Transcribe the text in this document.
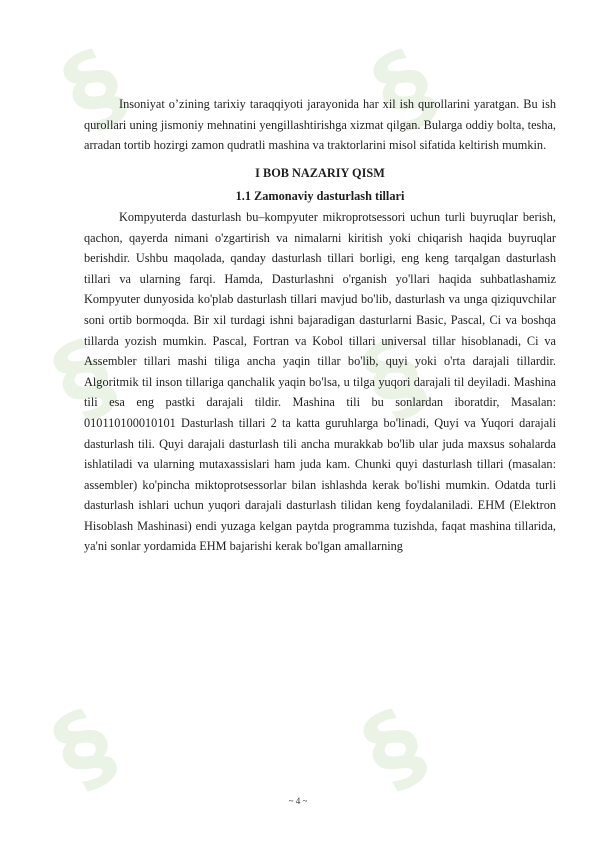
§ §
§ §
§ §

Insoniyat o’zining tarixiy taraqqiyoti jarayonida har xil ish qurollarini yaratgan. Bu ish qurollari uning jismoniy mehnatini yengillashtirishga xizmat qilgan. Bularga oddiy bolta, tesha, arradan tortib hozirgi zamon qudratli mashina va traktorlarini misol sifatida keltirish mumkin.

I BOB NAZARIY QISM
1.1 Zamonaviy dasturlash tillari

Kompyuterda dasturlash bu–kompyuter mikroprotsessori uchun turli buyruqlar berish, qachon, qayerda nimani o'zgartirish va nimalarni kiritish yoki chiqarish haqida buyruqlar berishdir. Ushbu maqolada, qanday dasturlash tillari borligi, eng keng tarqalgan dasturlash tillari va ularning farqi. Hamda, Dasturlashni o'rganish yo'llari haqida suhbatlashamiz Kompyuter dunyosida ko'plab dasturlash tillari mavjud bo'lib, dasturlash va unga qiziquvchilar soni ortib bormoqda. Bir xil turdagi ishni bajaradigan dasturlarni Basic, Pascal, Ci va boshqa tillarda yozish mumkin. Pascal, Fortran va Kobol tillari universal tillar hisoblanadi, Ci va Assembler tillari mashi tiliga ancha yaqin tillar bo'lib, quyi yoki o'rta darajali tillardir. Algoritmik til inson tillariga qanchalik yaqin bo'lsa, u tilga yuqori darajali til deyiladi. Mashina tili esa eng pastki darajali tildir. Mashina tili bu sonlardan iboratdir, Masalan: 010110100010101 Dasturlash tillari 2 ta katta guruhlarga bo'linadi, Quyi va Yuqori darajali dasturlash tili. Quyi darajali dasturlash tili ancha murakkab bo'lib ular juda maxsus sohalarda ishlatiladi va ularning mutaxassislari ham juda kam. Chunki quyi dasturlash tillari (masalan: assembler) ko'pincha miktoprotsessorlar bilan ishlashda kerak bo'lishi mumkin. Odatda turli dasturlash ishlari uchun yuqori darajali dasturlash tilidan keng foydalaniladi. EHM (Elektron Hisoblash Mashinasi) endi yuzaga kelgan paytda programma tuzishda, faqat mashina tillarida, ya'ni sonlar yordamida EHM bajarishi kerak bo'lgan amallarning

~ 4 ~
